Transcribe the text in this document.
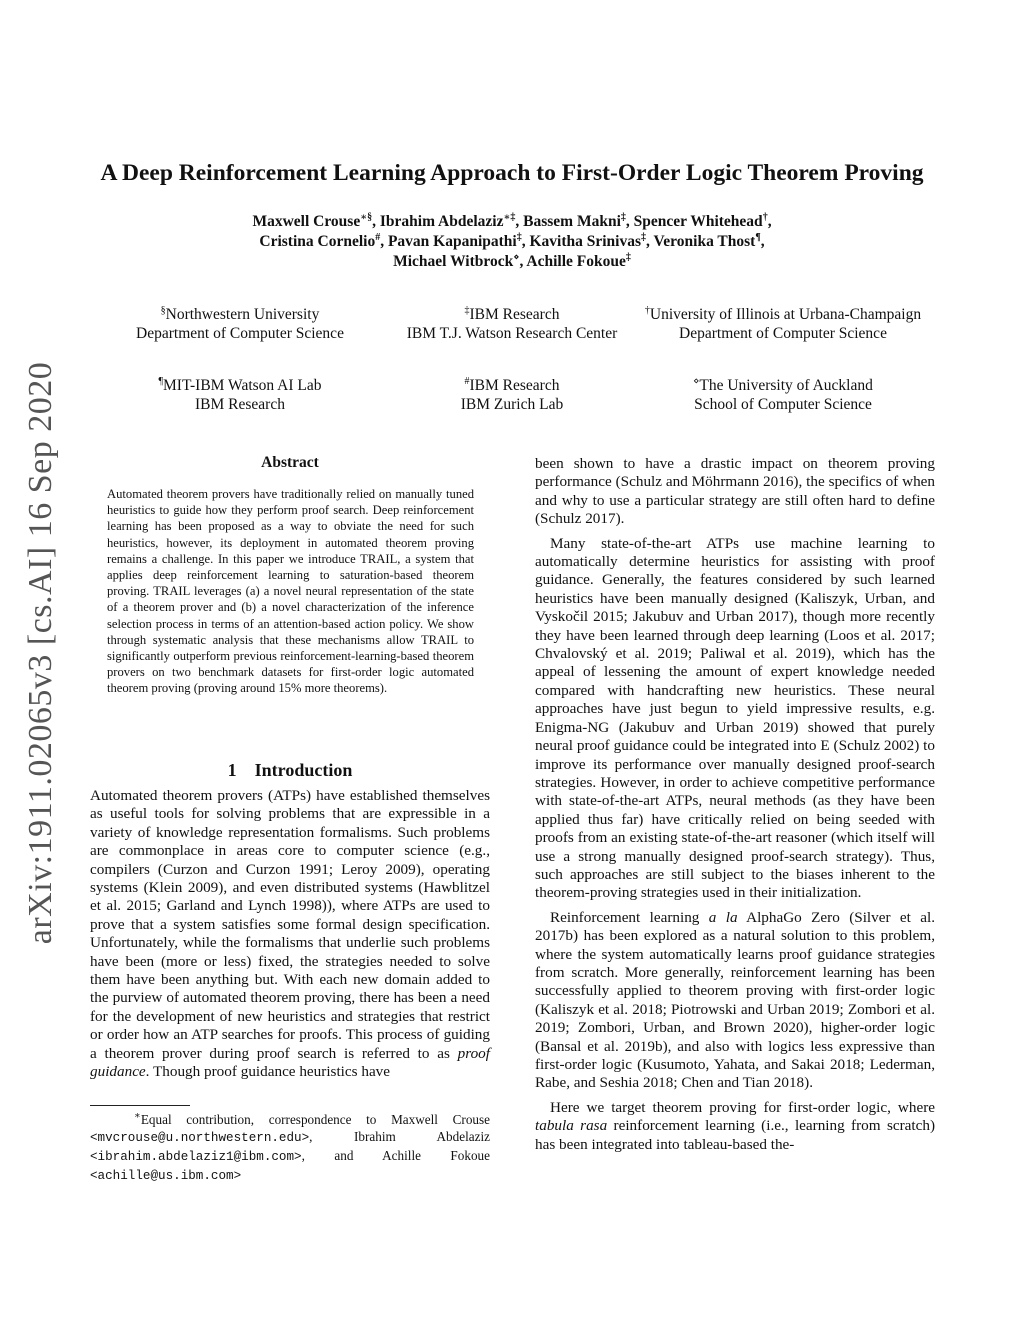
arXiv:1911.02065v3 [cs.AI] 16 Sep 2020
A Deep Reinforcement Learning Approach to First-Order Logic Theorem Proving
Maxwell Crouse∗§, Ibrahim Abdelaziz∗‡, Bassem Makni‡, Spencer Whitehead†,
Cristina Cornelio#, Pavan Kapanipathi‡, Kavitha Srinivas‡, Veronika Thost¶,
Michael Witbrock⋄, Achille Fokoue‡
§Northwestern University
Department of Computer Science
‡IBM Research
IBM T.J. Watson Research Center
†University of Illinois at Urbana-Champaign
Department of Computer Science
¶MIT-IBM Watson AI Lab
IBM Research
#IBM Research
IBM Zurich Lab
⋄The University of Auckland
School of Computer Science
Abstract
Automated theorem provers have traditionally relied on manually tuned heuristics to guide how they perform proof search. Deep reinforcement learning has been proposed as a way to obviate the need for such heuristics, however, its deployment in automated theorem proving remains a challenge. In this paper we introduce TRAIL, a system that applies deep reinforcement learning to saturation-based theorem proving. TRAIL leverages (a) a novel neural representation of the state of a theorem prover and (b) a novel characterization of the inference selection process in terms of an attention-based action policy. We show through systematic analysis that these mechanisms allow TRAIL to significantly outperform previous reinforcement-learning-based theorem provers on two benchmark datasets for first-order logic automated theorem proving (proving around 15% more theorems).
1 Introduction

Automated theorem provers (ATPs) have established themselves as useful tools for solving problems that are expressible in a variety of knowledge representation formalisms. Such problems are commonplace in areas core to computer science (e.g., compilers (Curzon and Curzon 1991; Leroy 2009), operating systems (Klein 2009), and even distributed systems (Hawblitzel et al. 2015; Garland and Lynch 1998)), where ATPs are used to prove that a system satisfies some formal design specification. Unfortunately, while the formalisms that underlie such problems have been (more or less) fixed, the strategies needed to solve them have been anything but. With each new domain added to the purview of automated theorem proving, there has been a need for the development of new heuristics and strategies that restrict or order how an ATP searches for proofs. This process of guiding a theorem prover during proof search is referred to as proof guidance. Though proof guidance heuristics have

∗Equal contribution, correspondence to Maxwell Crouse <mvcrouse@u.northwestern.edu>, Ibrahim Abdelaziz <ibrahim.abdelaziz1@ibm.com>, and Achille Fokoue <achille@us.ibm.com>

been shown to have a drastic impact on theorem proving performance (Schulz and Möhrmann 2016), the specifics of when and why to use a particular strategy are still often hard to define (Schulz 2017).

Many state-of-the-art ATPs use machine learning to automatically determine heuristics for assisting with proof guidance. Generally, the features considered by such learned heuristics have been manually designed (Kaliszyk, Urban, and Vyskočil 2015; Jakubuv and Urban 2017), though more recently they have been learned through deep learning (Loos et al. 2017; Chvalovský et al. 2019; Paliwal et al. 2019), which has the appeal of lessening the amount of expert knowledge needed compared with handcrafting new heuristics. These neural approaches have just begun to yield impressive results, e.g. Enigma-NG (Jakubuv and Urban 2019) showed that purely neural proof guidance could be integrated into E (Schulz 2002) to improve its performance over manually designed proof-search strategies. However, in order to achieve competitive performance with state-of-the-art ATPs, neural methods (as they have been applied thus far) have critically relied on being seeded with proofs from an existing state-of-the-art reasoner (which itself will use a strong manually designed proof-search strategy). Thus, such approaches are still subject to the biases inherent to the theorem-proving strategies used in their initialization.

Reinforcement learning a la AlphaGo Zero (Silver et al. 2017b) has been explored as a natural solution to this problem, where the system automatically learns proof guidance strategies from scratch. More generally, reinforcement learning has been successfully applied to theorem proving with first-order logic (Kaliszyk et al. 2018; Piotrowski and Urban 2019; Zombori et al. 2019; Zombori, Urban, and Brown 2020), higher-order logic (Bansal et al. 2019b), and also with logics less expressive than first-order logic (Kusumoto, Yahata, and Sakai 2018; Lederman, Rabe, and Seshia 2018; Chen and Tian 2018).

Here we target theorem proving for first-order logic, where tabula rasa reinforcement learning (i.e., learning from scratch) has been integrated into tableau-based the-
